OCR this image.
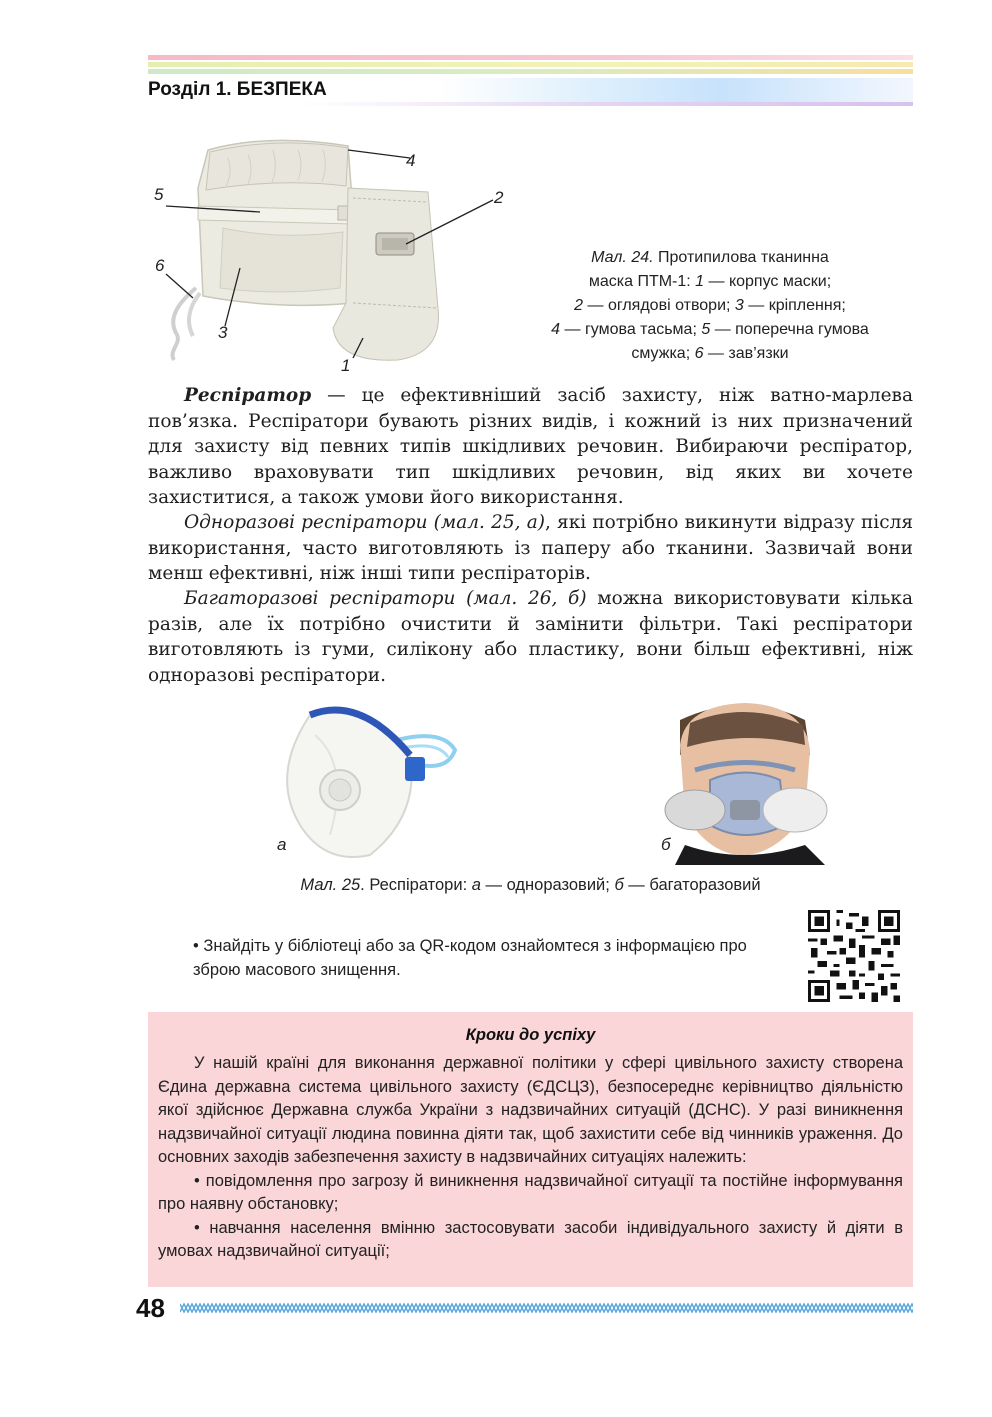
Розділ 1. БЕЗПЕКА
4
5	2
6
3
1
Мал. 24. Протипилова тканинна
маска ПТМ-1: 1 — корпус маски;
2 — оглядові отвори; 3 — кріплення;
4 — гумова тасьма; 5 — поперечна гумова
смужка; 6 — зав’язки
Респіратор — це ефективніший засіб захисту, ніж ватно-марлева пов’язка. Респіратори бувають різних видів, і кожний із них призначений для захисту від певних типів шкідливих речовин. Вибираючи респіратор, важливо враховувати тип шкідливих речовин, від яких ви хочете захиститися, а також умови його використання.
Одноразові респіратори (мал. 25, а), які потрібно викинути відразу після використання, часто виготовляють із паперу або тканини. Зазвичай вони менш ефективні, ніж інші типи респіраторів.
Багаторазові респіратори (мал. 26, б) можна використовувати кілька разів, але їх потрібно очистити й замінити фільтри. Такі респіратори виготовляють із гуми, силікону або пластику, вони більш ефективні, ніж одноразові респіратори.
а	б
Мал. 25. Респіратори: а — одноразовий; б — багаторазовий
• Знайдіть у бібліотеці або за QR-кодом ознайомтеся з інформацією про зброю масового знищення.
Кроки до успіху

У нашій країні для виконання державної політики у сфері цивільного захисту створена Єдина державна система цивільного захисту (ЄДСЦЗ), безпосереднє керівництво діяльністю якої здійснює Державна служба України з надзвичайних ситуацій (ДСНС). У разі виникнення надзвичайної ситуації людина повинна діяти так, щоб захистити себе від чинників ураження. До основних заходів забезпечення захисту в надзвичайних ситуаціях належить:

• повідомлення про загрозу й виникнення надзвичайної ситуації та постійне інформування про наявну обстановку;

• навчання населення вмінню застосовувати засоби індивідуального захисту й діяти в умовах надзвичайної ситуації;

48
